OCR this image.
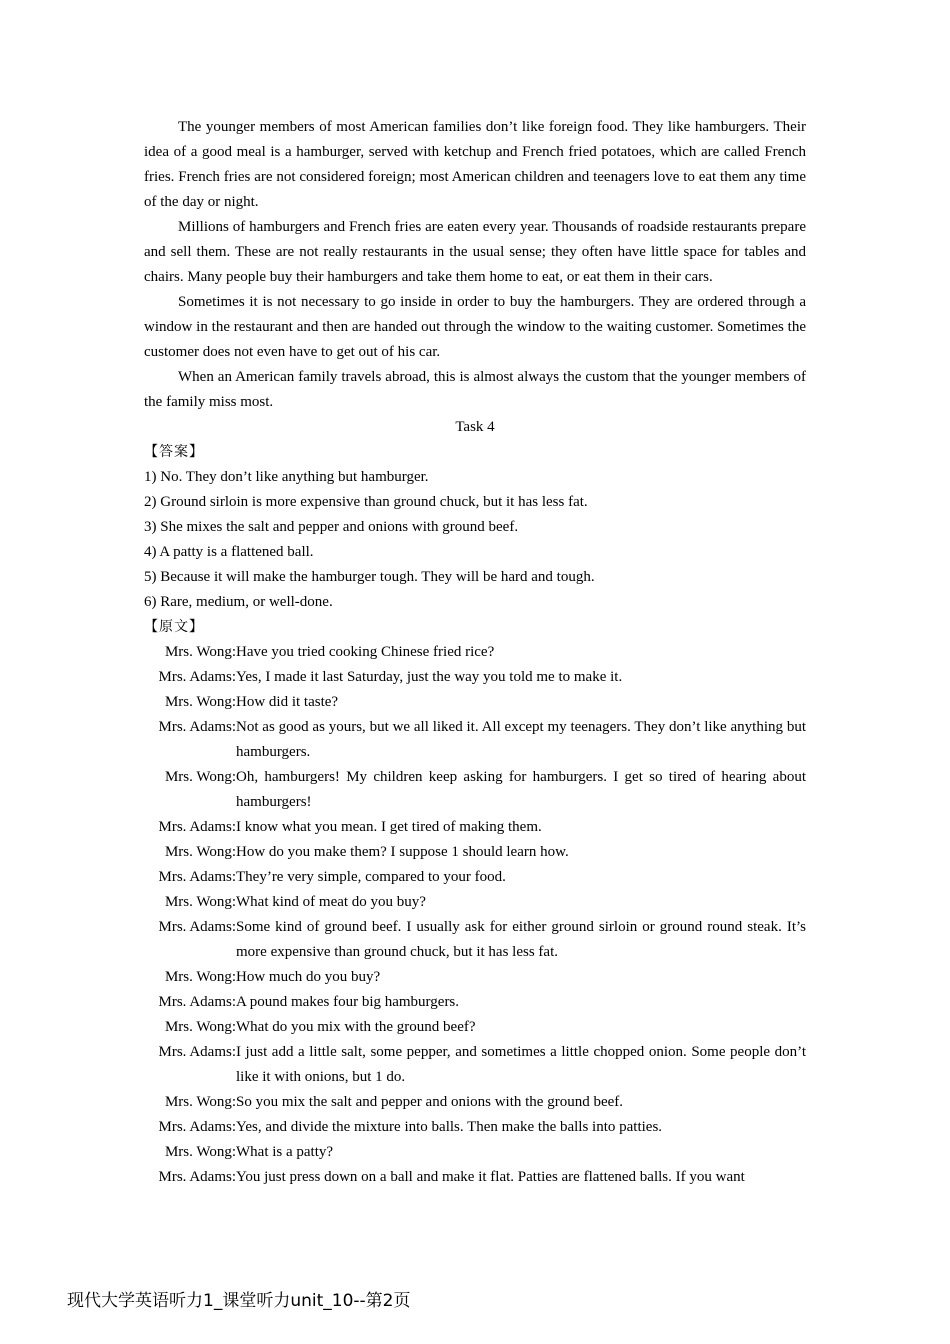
The younger members of most American families don’t like foreign food. They like hamburgers. Their idea of a good meal is a hamburger, served with ketchup and French fried potatoes, which are called French fries. French fries are not considered foreign; most American children and teenagers love to eat them any time of the day or night.

Millions of hamburgers and French fries are eaten every year. Thousands of roadside restaurants prepare and sell them. These are not really restaurants in the usual sense; they often have little space for tables and chairs. Many people buy their hamburgers and take them home to eat, or eat them in their cars.

Sometimes it is not necessary to go inside in order to buy the hamburgers. They are ordered through a window in the restaurant and then are handed out through the window to the waiting customer. Sometimes the customer does not even have to get out of his car.

When an American family travels abroad, this is almost always the custom that the younger members of the family miss most.

Task 4

【答案】

1) No. They don’t like anything but hamburger.

2) Ground sirloin is more expensive than ground chuck, but it has less fat.

3) She mixes the salt and pepper and onions with ground beef.

4) A patty is a flattened ball.

5) Because it will make the hamburger tough. They will be hard and tough.

6) Rare, medium, or well-done.

【原文】

Mrs. Wong: Have you tried cooking Chinese fried rice?
Mrs. Adams: Yes, I made it last Saturday, just the way you told me to make it.
Mrs. Wong: How did it taste?
Mrs. Adams: Not as good as yours, but we all liked it. All except my teenagers. They don’t like anything but hamburgers.
Mrs. Wong: Oh, hamburgers! My children keep asking for hamburgers. I get so tired of hearing about hamburgers!
Mrs. Adams: I know what you mean. I get tired of making them.
Mrs. Wong: How do you make them? I suppose 1 should learn how.
Mrs. Adams: They’re very simple, compared to your food.
Mrs. Wong: What kind of meat do you buy?
Mrs. Adams: Some kind of ground beef. I usually ask for either ground sirloin or ground round steak. It’s more expensive than ground chuck, but it has less fat.
Mrs. Wong: How much do you buy?
Mrs. Adams: A pound makes four big hamburgers.
Mrs. Wong: What do you mix with the ground beef?
Mrs. Adams: I just add a little salt, some pepper, and sometimes a little chopped onion. Some people don’t like it with onions, but 1 do.
Mrs. Wong: So you mix the salt and pepper and onions with the ground beef.
Mrs. Adams: Yes, and divide the mixture into balls. Then make the balls into patties.
Mrs. Wong: What is a patty?
Mrs. Adams: You just press down on a ball and make it flat. Patties are flattened balls. If you want
现代大学英语听力1_课堂听力unit_10--第2页
